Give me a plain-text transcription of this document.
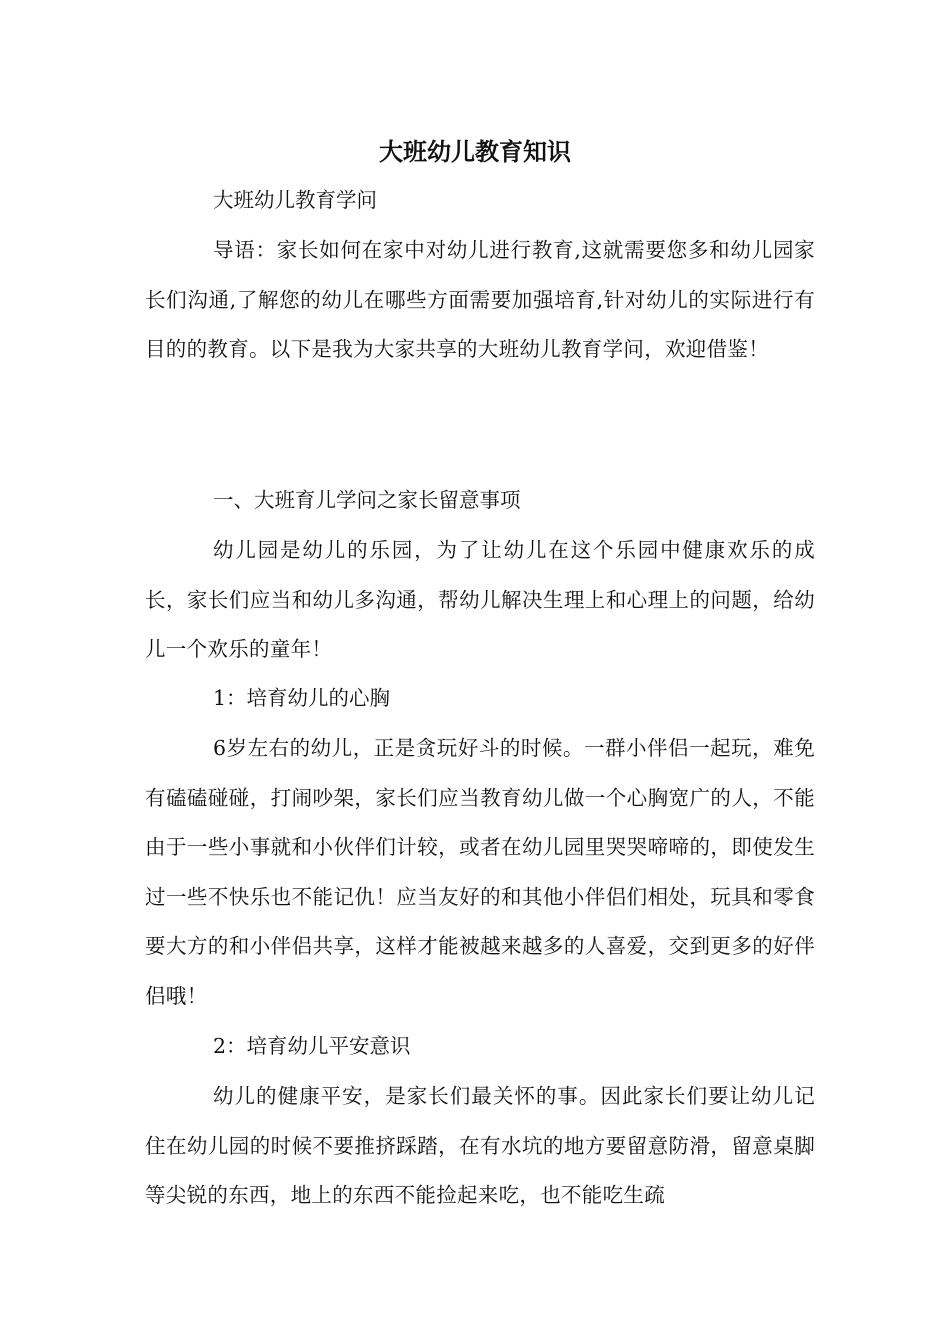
大班幼儿教育知识

大班幼儿教育学问

导语：家长如何在家中对幼儿进行教育,这就需要您多和幼儿园家长们沟通,了解您的幼儿在哪些方面需要加强培育,针对幼儿的实际进行有目的的教育。以下是我为大家共享的大班幼儿教育学问，欢迎借鉴！

一、大班育儿学问之家长留意事项

幼儿园是幼儿的乐园，为了让幼儿在这个乐园中健康欢乐的成长，家长们应当和幼儿多沟通，帮幼儿解决生理上和心理上的问题，给幼儿一个欢乐的童年！

1：培育幼儿的心胸

6岁左右的幼儿，正是贪玩好斗的时候。一群小伴侣一起玩，难免有磕磕碰碰，打闹吵架，家长们应当教育幼儿做一个心胸宽广的人，不能由于一些小事就和小伙伴们计较，或者在幼儿园里哭哭啼啼的，即使发生过一些不快乐也不能记仇！应当友好的和其他小伴侣们相处，玩具和零食要大方的和小伴侣共享，这样才能被越来越多的人喜爱，交到更多的好伴侣哦！

2：培育幼儿平安意识

幼儿的健康平安，是家长们最关怀的事。因此家长们要让幼儿记住在幼儿园的时候不要推挤踩踏，在有水坑的地方要留意防滑，留意桌脚等尖锐的东西，地上的东西不能捡起来吃，也不能吃生疏
